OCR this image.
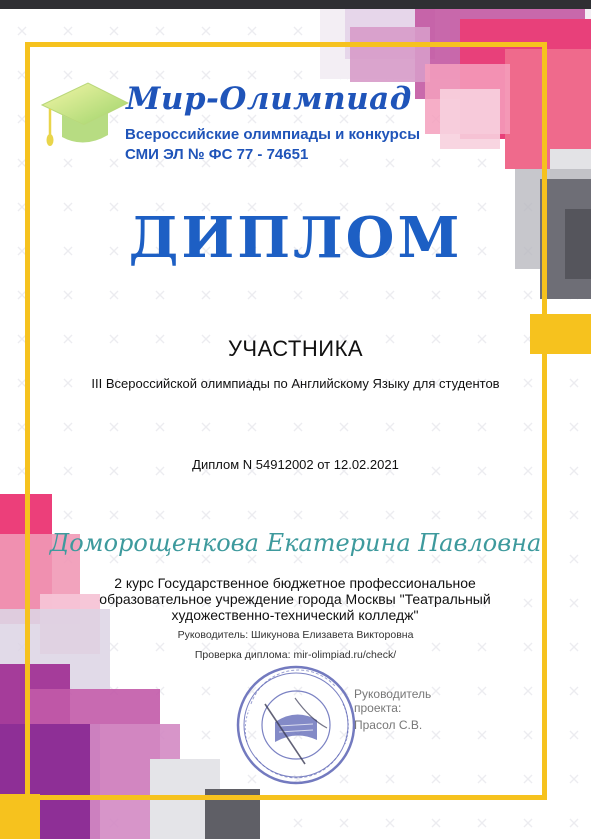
Мир-Олимпиад
Всероссийские олимпиады и конкурсы
СМИ ЭЛ № ФС 77 - 74651
ДИПЛОМ
УЧАСТНИКА
III Всероссийской олимпиады по Английскому Языку для студентов
Диплом N 54912002 от 12.02.2021
Доморощенкова Екатерина Павловна
2 курс Государственное бюджетное профессиональное образовательное учреждение города Москвы "Театральный художественно-технический колледж"
Руководитель: Шикунова Елизавета Викторовна
Проверка диплома: mir-olimpiad.ru/check/
Руководитель
проекта:
Прасол С.В.
